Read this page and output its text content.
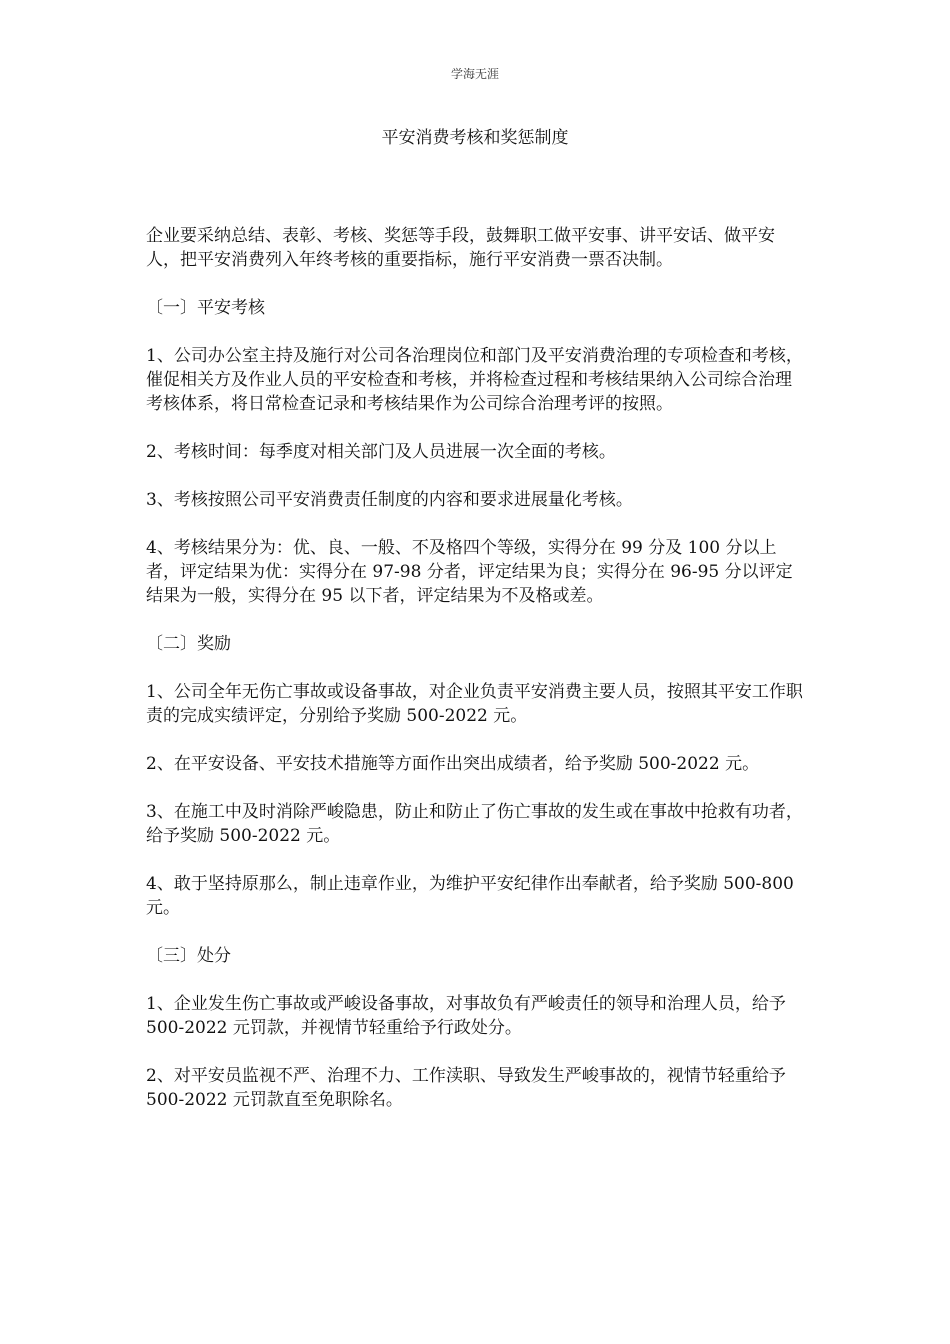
学海无涯
平安消费考核和奖惩制度

企业要采纳总结、表彰、考核、奖惩等手段，鼓舞职工做平安事、讲平安话、做平安人，把平安消费列入年终考核的重要指标，施行平安消费一票否决制。

〔一〕平安考核

1、公司办公室主持及施行对公司各治理岗位和部门及平安消费治理的专项检查和考核，催促相关方及作业人员的平安检查和考核，并将检查过程和考核结果纳入公司综合治理考核体系，将日常检查记录和考核结果作为公司综合治理考评的按照。

2、考核时间：每季度对相关部门及人员进展一次全面的考核。

3、考核按照公司平安消费责任制度的内容和要求进展量化考核。

4、考核结果分为：优、良、一般、不及格四个等级，实得分在 99 分及 100 分以上者，评定结果为优：实得分在 97-98 分者，评定结果为良；实得分在 96-95 分以评定结果为一般，实得分在 95 以下者，评定结果为不及格或差。

〔二〕奖励

1、公司全年无伤亡事故或设备事故，对企业负责平安消费主要人员，按照其平安工作职责的完成实绩评定，分别给予奖励 500-2022 元。

2、在平安设备、平安技术措施等方面作出突出成绩者，给予奖励 500-2022 元。

3、在施工中及时消除严峻隐患，防止和防止了伤亡事故的发生或在事故中抢救有功者，给予奖励 500-2022 元。

4、敢于坚持原那么，制止违章作业，为维护平安纪律作出奉献者，给予奖励 500-800 元。

〔三〕处分

1、企业发生伤亡事故或严峻设备事故，对事故负有严峻责任的领导和治理人员，给予 500-2022 元罚款，并视情节轻重给予行政处分。

2、对平安员监视不严、治理不力、工作渎职、导致发生严峻事故的，视情节轻重给予 500-2022 元罚款直至免职除名。
